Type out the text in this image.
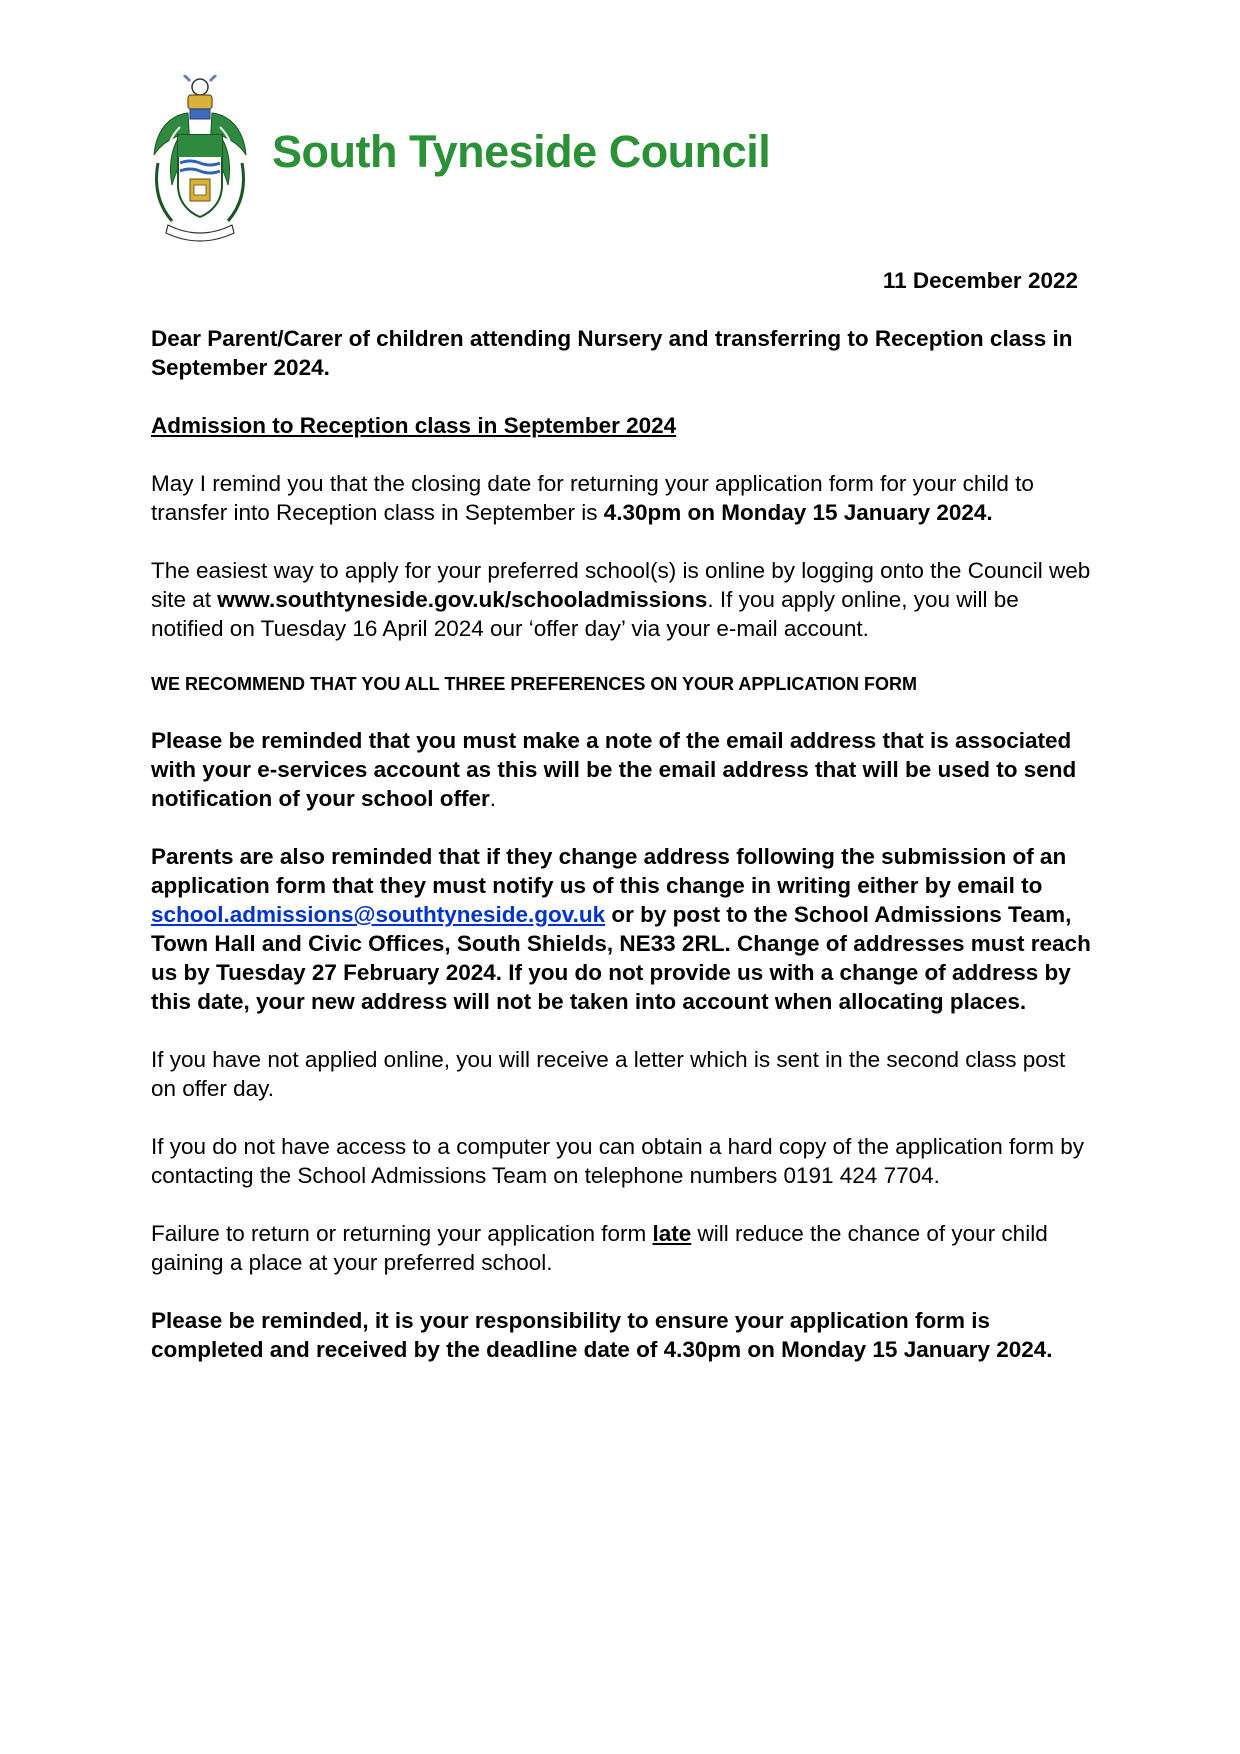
South Tyneside Council
11 December 2022

Dear Parent/Carer of children attending Nursery and transferring to Reception class in September 2024.

Admission to Reception class in September 2024

May I remind you that the closing date for returning your application form for your child to transfer into Reception class in September is 4.30pm on Monday 15 January 2024.

The easiest way to apply for your preferred school(s) is online by logging onto the Council web site at www.southtyneside.gov.uk/schooladmissions. If you apply online, you will be notified on Tuesday 16 April 2024 our ‘offer day’ via your e-mail account.

WE RECOMMEND THAT YOU ALL THREE PREFERENCES ON YOUR APPLICATION FORM

Please be reminded that you must make a note of the email address that is associated with your e-services account as this will be the email address that will be used to send notification of your school offer.

Parents are also reminded that if they change address following the submission of an application form that they must notify us of this change in writing either by email to school.admissions@southtyneside.gov.uk or by post to the School Admissions Team, Town Hall and Civic Offices, South Shields, NE33 2RL. Change of addresses must reach us by Tuesday 27 February 2024. If you do not provide us with a change of address by this date, your new address will not be taken into account when allocating places.

If you have not applied online, you will receive a letter which is sent in the second class post on offer day.

If you do not have access to a computer you can obtain a hard copy of the application form by contacting the School Admissions Team on telephone numbers 0191 424 7704.

Failure to return or returning your application form late will reduce the chance of your child gaining a place at your preferred school.

Please be reminded, it is your responsibility to ensure your application form is completed and received by the deadline date of 4.30pm on Monday 15 January 2024.
